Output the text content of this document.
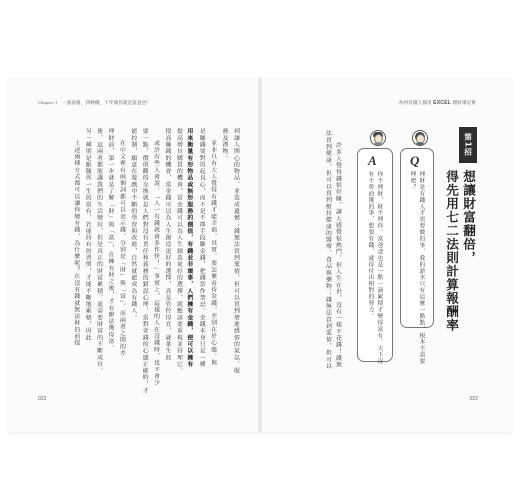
Chapter 1 一張表格，四种錢，十年後你就是富爸爸！
到讓人開心的物品，並造成遺憾；錢無法買到愛情，但可以買到增進感情的氣氛、服
務及禮物。
並非只有大人覺得有錢才能幸福，其實，要怎麼看待金錢，差別在於心態。與
是賺錢要對得起良心，而不是不擇手段賺金錢，把錢當作禁忌。金錢本身只是一種
用來衡量有形物品或無形服務的價值，有錢並非壞事，人們擁有金錢，便可以擁有
提高增長購買的機會，當金錢可以為人生創造更好的選擇，就應該要重視並管理它。
提高賺錢的機會，當金錢可以為人生創造更好的選擇，真是管控得宜，就業生涯
或許有些人會說：「人一有錢就會多作怪！」事實上，這樣的人在沒錢時，也不會少
要一點，價值觀的交換就是人們對沒有責任和義務的錯誤心理，當對金錢的心態正確時，才
能控制，願意在遊戲中不斷的學習與改進，自然就能成為有錢人。
在中文裡有兩個詞都可以表示錢，分別是「財」與「富」，而兩者之間的差
理財前，第一步就是了解「財」與「富」，在擁有財之後，才有辦法獲得富。
後，這兩者都能讓我們的生活變好，但是真正的財富累積，更需要財富的不斷成長。
另一種則是跟隨你一生的富有，若能持有的習慣，才能不斷地累積，因此
上述兩種方式都可以讓你變有錢，為什麼呢？在沒有錢就無法財的前提
023
為何有錢人都用 EXCEL 理財筆記術
第1招
想讓財富翻倍，
得先用七二法則計算報酬率
Q
理財是有錢人才需要做的事，我的薪水只有這麼一點點，根本不需要
理吧？
A
你不理財，財不理你。富爸爸也是一點一滴累積才變得富有。天下沒
有不勞而獲的事，想要有錢，就得付出相對的努力。
許多人覺得錢很好賺，讓人感覺很熱門，但人生在世，沒有一樣不花錢！錢無
法買到健康，但可以買到維持健康的醫療、食品與藥物；錢無法買到愛情，但可以
022
